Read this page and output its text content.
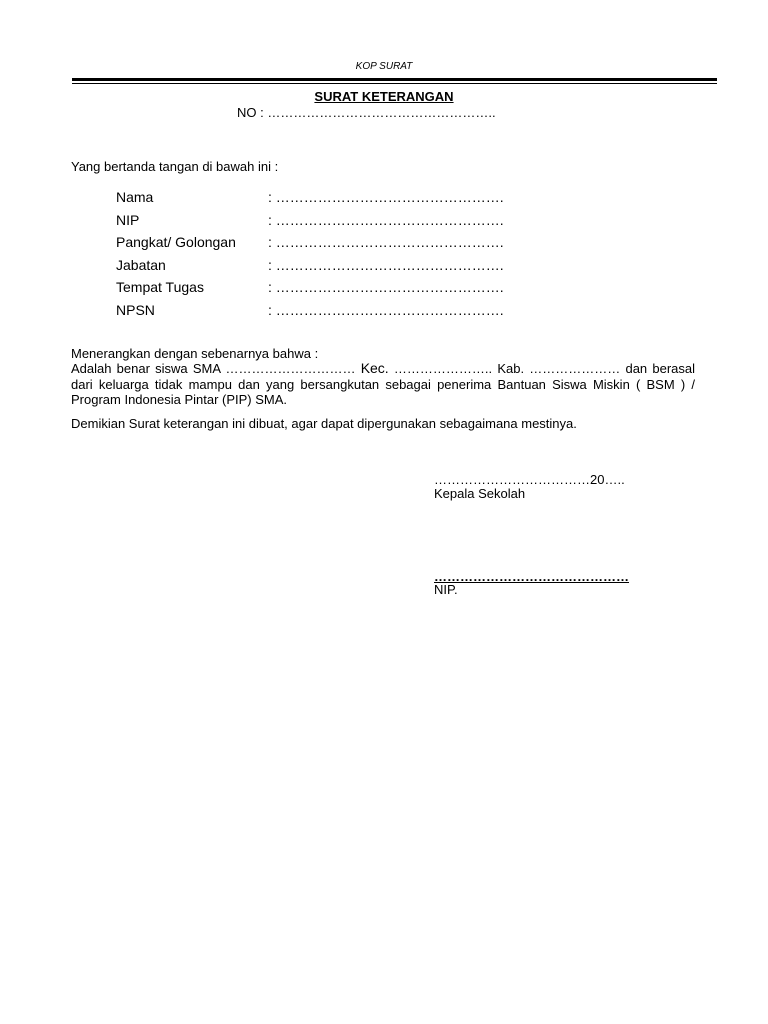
KOP SURAT
SURAT KETERANGAN
NO : ……………………………………………..
Yang bertanda tangan di bawah ini :
Nama	: ………………………………………….
NIP	: ………………………………………….
Pangkat/ Golongan : ………………………………………….
Jabatan	: ………………………………………….
Tempat Tugas	: ………………………………………….
NPSN	: ………………………………………….
Menerangkan dengan sebenarnya bahwa :
Adalah benar siswa SMA ………………………… Kec. ………………….. Kab. ………………… dan berasal dari keluarga tidak mampu dan yang bersangkutan sebagai penerima Bantuan Siswa Miskin ( BSM ) / Program Indonesia Pintar (PIP) SMA.
Demikian Surat keterangan ini dibuat, agar dapat dipergunakan sebagaimana mestinya.
………………………………20…..
Kepala Sekolah
………………………………………
NIP.
